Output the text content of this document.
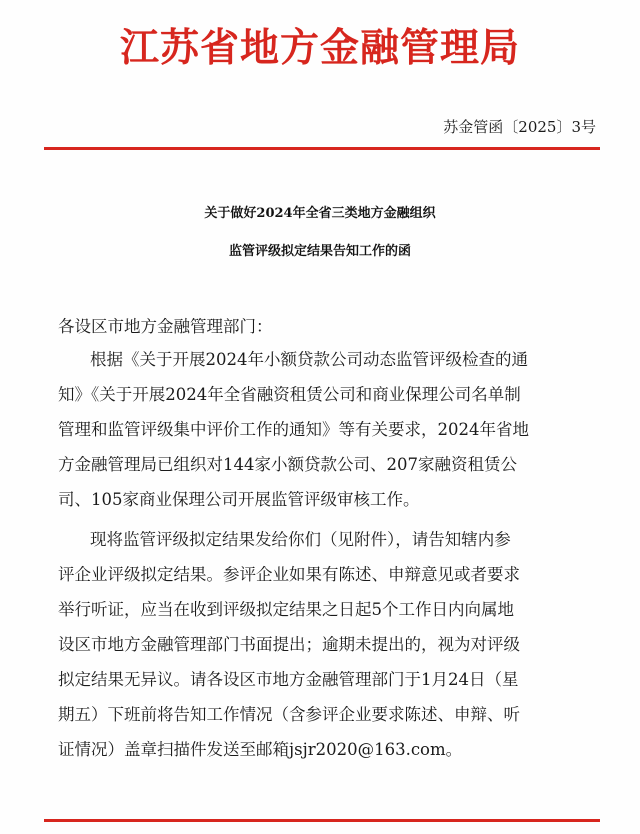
江苏省地方金融管理局
苏金管函〔2025〕3号
关于做好2024年全省三类地方金融组织
监管评级拟定结果告知工作的函
各设区市地方金融管理部门：
根据《关于开展2024年小额贷款公司动态监管评级检查的通
知》《关于开展2024年全省融资租赁公司和商业保理公司名单制
管理和监管评级集中评价工作的通知》等有关要求，2024年省地
方金融管理局已组织对144家小额贷款公司、207家融资租赁公
司、105家商业保理公司开展监管评级审核工作。
现将监管评级拟定结果发给你们（见附件），请告知辖内参
评企业评级拟定结果。参评企业如果有陈述、申辩意见或者要求
举行听证，应当在收到评级拟定结果之日起5个工作日内向属地
设区市地方金融管理部门书面提出；逾期未提出的，视为对评级
拟定结果无异议。请各设区市地方金融管理部门于1月24日（星
期五）下班前将告知工作情况（含参评企业要求陈述、申辩、听
证情况）盖章扫描件发送至邮箱jsjr2020@163.com。
